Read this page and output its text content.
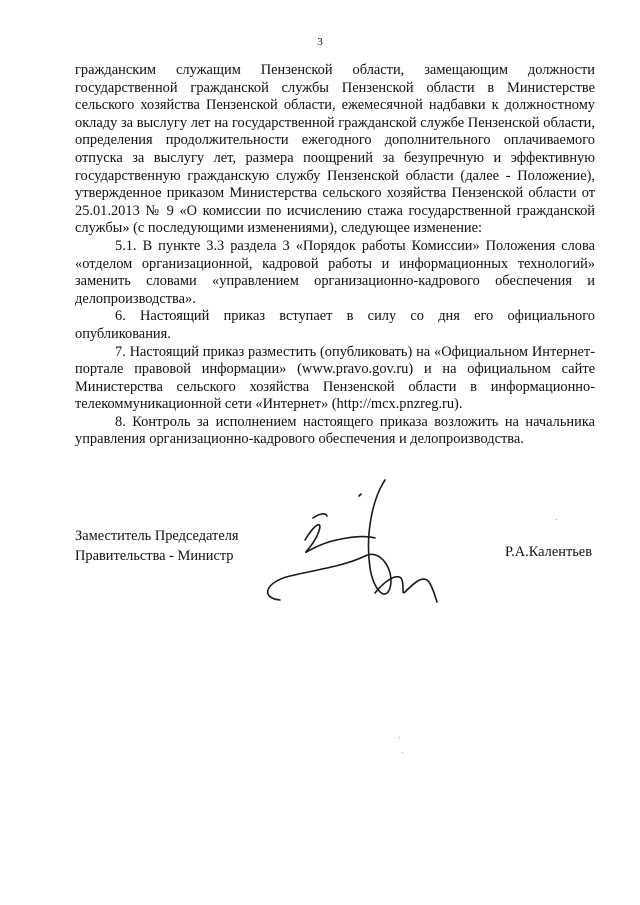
3

гражданским служащим Пензенской области, замещающим должности государственной гражданской службы Пензенской области в Министерстве сельского хозяйства Пензенской области, ежемесячной надбавки к должностному окладу за выслугу лет на государственной гражданской службе Пензенской области, определения продолжительности ежегодного дополнительного оплачиваемого отпуска за выслугу лет, размера поощрений за безупречную и эффективную государственную гражданскую службу Пензенской области (далее - Положение), утвержденное приказом Министерства сельского хозяйства Пензенской области от 25.01.2013 № 9 «О комиссии по исчислению стажа государственной гражданской службы» (с последующими изменениями), следующее изменение:

5.1. В пункте 3.3 раздела 3 «Порядок работы Комиссии» Положения слова «отделом организационной, кадровой работы и информационных технологий» заменить словами «управлением организационно-кадрового обеспечения и делопроизводства».

6. Настоящий приказ вступает в силу со дня его официального опубликования.

7. Настоящий приказ разместить (опубликовать) на «Официальном Интернет-портале правовой информации» (www.pravo.gov.ru) и на официальном сайте Министерства сельского хозяйства Пензенской области в информационно-телекоммуникационной сети «Интернет» (http://mcx.pnzreg.ru).

8. Контроль за исполнением настоящего приказа возложить на начальника управления организационно-кадрового обеспечения и делопроизводства.

Заместитель Председателя
Правительства - Министр	Р.А.Калентьев
